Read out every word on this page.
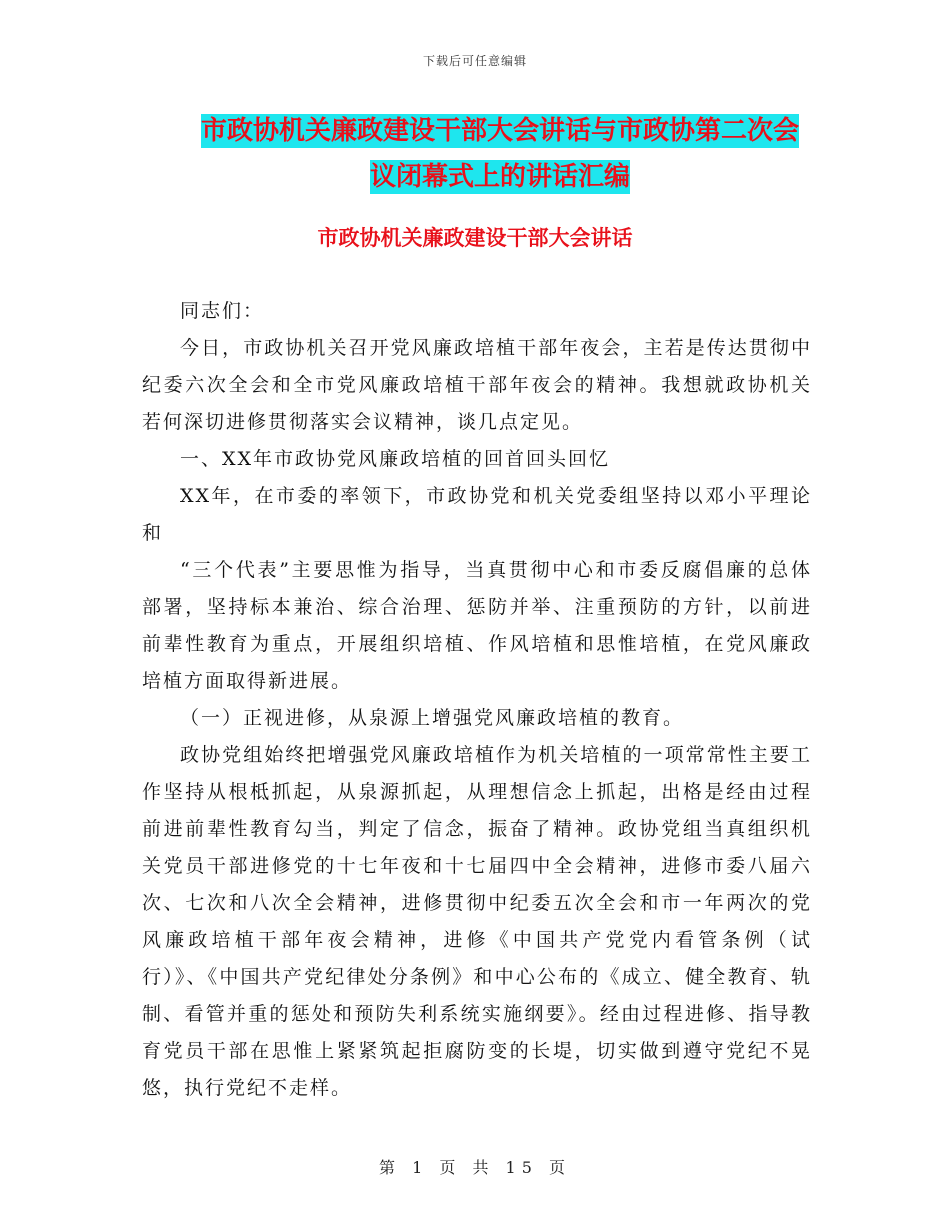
下载后可任意编辑
市政协机关廉政建设干部大会讲话与市政协第二次会
议闭幕式上的讲话汇编
市政协机关廉政建设干部大会讲话

同志们：

今日，市政协机关召开党风廉政培植干部年夜会，主若是传达贯彻中纪委六次全会和全市党风廉政培植干部年夜会的精神。我想就政协机关若何深切进修贯彻落实会议精神，谈几点定见。

一、XX年市政协党风廉政培植的回首回头回忆

XX年，在市委的率领下，市政协党和机关党委组坚持以邓小平理论和

“三个代表”主要思惟为指导，当真贯彻中心和市委反腐倡廉的总体部署，坚持标本兼治、综合治理、惩防并举、注重预防的方针，以前进前辈性教育为重点，开展组织培植、作风培植和思惟培植，在党风廉政培植方面取得新进展。

（一）正视进修，从泉源上增强党风廉政培植的教育。

政协党组始终把增强党风廉政培植作为机关培植的一项常常性主要工作坚持从根柢抓起，从泉源抓起，从理想信念上抓起，出格是经由过程前进前辈性教育勾当，判定了信念，振奋了精神。政协党组当真组织机关党员干部进修党的十七年夜和十七届四中全会精神，进修市委八届六次、七次和八次全会精神，进修贯彻中纪委五次全会和市一年两次的党风廉政培植干部年夜会精神，进修《中国共产党党内看管条例（试行）》、《中国共产党纪律处分条例》和中心公布的《成立、健全教育、轨制、看管并重的惩处和预防失利系统实施纲要》。经由过程进修、指导教育党员干部在思惟上紧紧筑起拒腐防变的长堤，切实做到遵守党纪不晃悠，执行党纪不走样。

第 1 页 共 15 页
